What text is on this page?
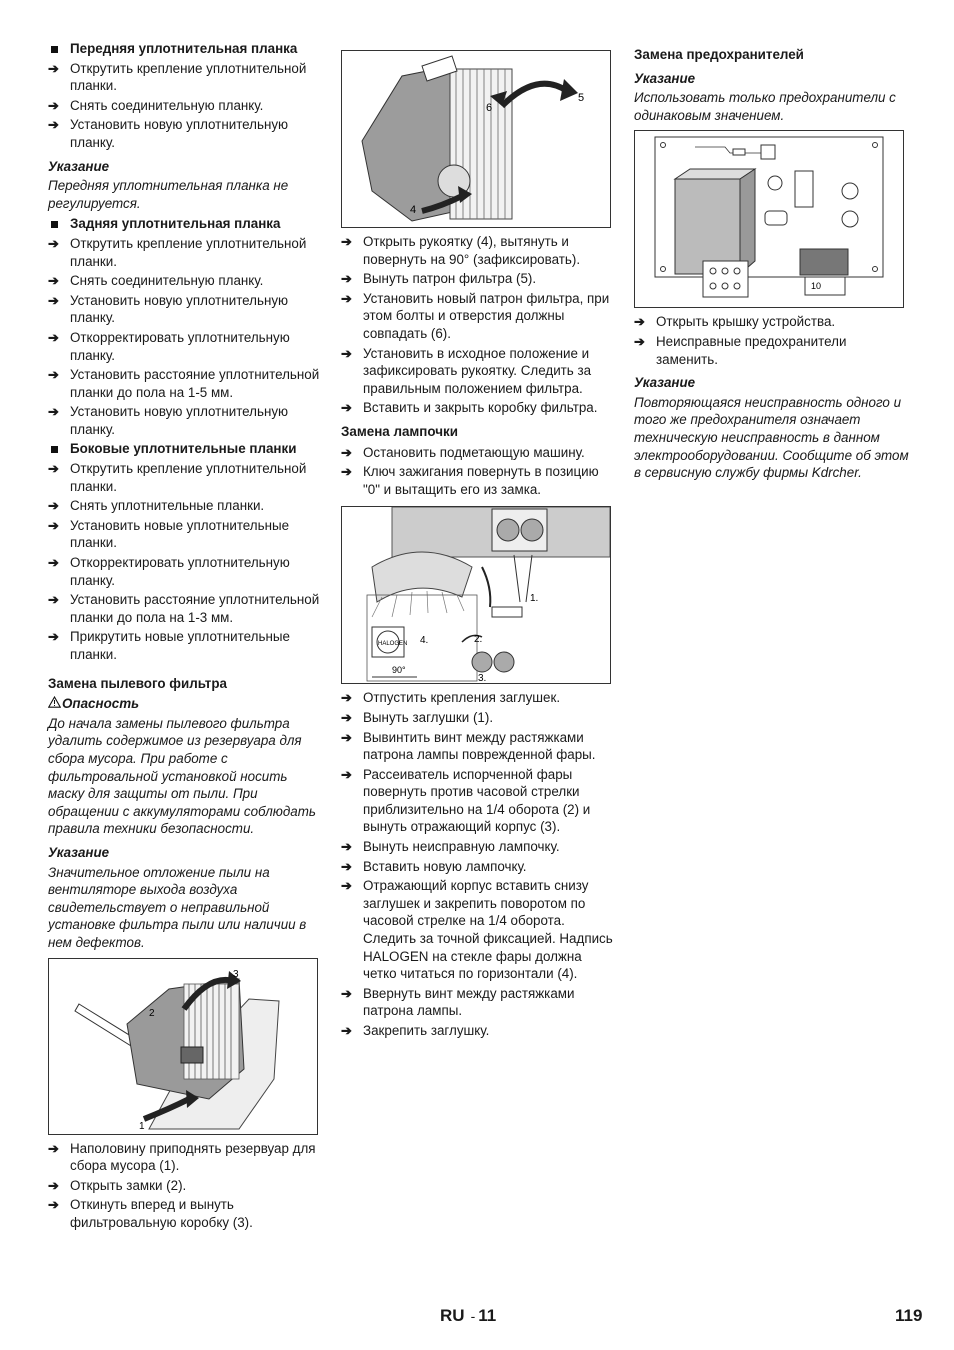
Передняя уплотнительная планка
➔ Открутить крепление уплотнительной планки.
➔ Снять соединительную планку.
➔ Установить новую уплотнительную планку.
Указание
Передняя уплотнительная планка не регулируется.
Задняя уплотнительная планка
➔ Открутить крепление уплотнительной планки.
➔ Снять соединительную планку.
➔ Установить новую уплотнительную планку.
➔ Откорректировать уплотнительную планку.
➔ Установить расстояние уплотнительной планки до пола на 1-5 мм.
➔ Установить новую уплотнительную планку.
Боковые уплотнительные планки
➔ Открутить крепление уплотнительной планки.
➔ Снять уплотнительные планки.
➔ Установить новые уплотнительные планки.
➔ Откорректировать уплотнительную планку.
➔ Установить расстояние уплотнительной планки до пола на 1-3 мм.
➔ Прикрутить новые уплотнительные планки.
Замена пылевого фильтра
Опасность
До начала замены пылевого фильтра удалить содержимое из резервуара для сбора мусора. При работе с фильтровальной установкой носить маску для защиты от пыли. При обращении с аккумуляторами соблюдать правила техники безопасности.
Указание
Значительное отложение пыли на вентиляторе выхода воздуха свидетельствует о неправильной установке фильтра пыли или наличии в нем дефектов.
3
2
1
➔ Наполовину приподнять резервуар для сбора мусора (1).
➔ Открыть замки (2).
➔ Откинуть вперед и вынуть фильтровальную коробку (3).
5
6
4
➔ Открыть рукоятку (4), вытянуть и повернуть на 90° (зафиксировать).
➔ Вынуть патрон фильтра (5).
➔ Установить новый патрон фильтра, при этом болты и отверстия должны совпадать (6).
➔ Установить в исходное положение и зафиксировать рукоятку. Следить за правильным положением фильтра.
➔ Вставить и закрыть коробку фильтра.
Замена лампочки
➔ Остановить подметающую машину.
➔ Ключ зажигания повернуть в позицию "0" и вытащить его из замка.
HALOGEN
90°
4.	2.
3.
1.
➔ Отпустить крепления заглушек.
➔ Вынуть заглушки (1).
➔ Вывинтить винт между растяжками патрона лампы поврежденной фары.
➔ Рассеиватель испорченной фары повернуть против часовой стрелки приблизительно на 1/4 оборота (2) и вынуть отражающий корпус (3).
➔ Вынуть неисправную лампочку.
➔ Вставить новую лампочку.
➔ Отражающий корпус вставить снизу заглушек и закрепить поворотом по часовой стрелке на 1/4 оборота. Следить за точной фиксацией. Надпись HALOGEN на стекле фары должна четко читаться по горизонтали (4).
➔ Ввернуть винт между растяжками патрона лампы.
➔ Закрепить заглушку.
Замена предохранителей
Указание
Использовать только предохранители с одинаковым значением.
10
➔ Открыть крышку устройства.
➔ Неисправные предохранители заменить.
Указание
Повторяющаяся неисправность одного и того же предохранителя означает техническую неисправность в данном электрооборудовании. Сообщите об этом в сервисную службу фирмы Kdrcher.
RU - 11	119
